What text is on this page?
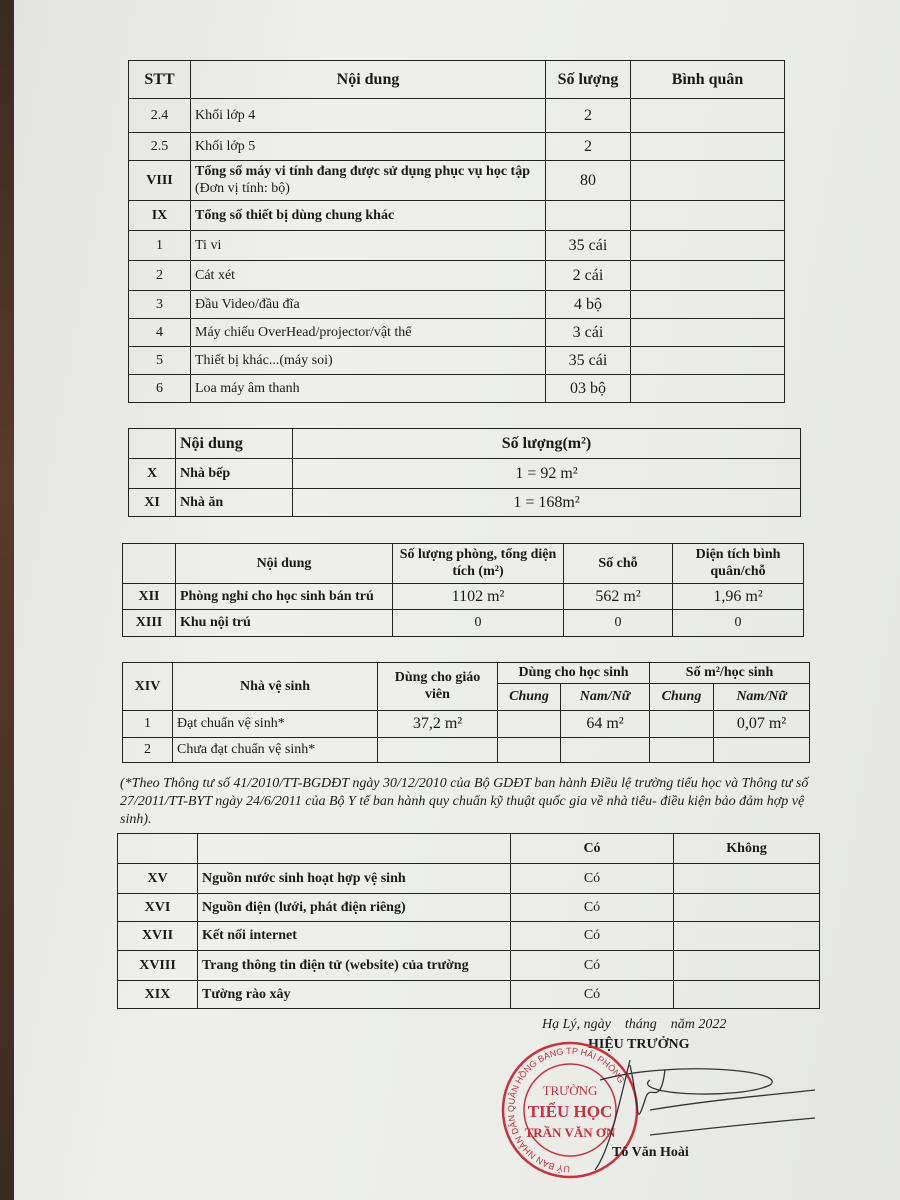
STT	Nội dung	Số lượng	Bình quân
2.4	Khối lớp 4	2	
2.5	Khối lớp 5	2	
VIII	Tổng số máy vi tính đang được sử dụng phục vụ học tập (Đơn vị tính: bộ)	80	
IX	Tổng số thiết bị dùng chung khác		
1	Ti vi	35 cái	
2	Cát xét	2 cái	
3	Đầu Video/đầu đĩa	4 bộ	
4	Máy chiếu OverHead/projector/vật thể	3 cái	
5	Thiết bị khác...(máy soi)	35 cái	
6	Loa máy âm thanh	03 bộ	
	Nội dung	Số lượng(m²)
X	Nhà bếp	1 = 92 m²
XI	Nhà ăn	1 = 168m²
	Nội dung	Số lượng phòng, tổng diện tích (m²)	Số chỗ	Diện tích bình quân/chỗ
XII	Phòng nghỉ cho học sinh bán trú	1102 m²	562 m²	1,96 m²
XIII	Khu nội trú	0	0	0
XIV	Nhà vệ sinh	Dùng cho giáo viên	Dùng cho học sinh		Số m²/học sinh	
			Chung	Nam/Nữ	Chung	Nam/Nữ
1	Đạt chuẩn vệ sinh*	37,2 m²		64 m²		0,07 m²
2	Chưa đạt chuẩn vệ sinh*					
(*Theo Thông tư số 41/2010/TT-BGDĐT ngày 30/12/2010 của Bộ GDĐT ban hành Điều lệ trường tiểu học và Thông tư số 27/2011/TT-BYT ngày 24/6/2011 của Bộ Y tế ban hành quy chuẩn kỹ thuật quốc gia về nhà tiêu- điều kiện bảo đảm hợp vệ sinh).
		Có	Không
XV	Nguồn nước sinh hoạt hợp vệ sinh	Có	
XVI	Nguồn điện (lưới, phát điện riêng)	Có	
XVII	Kết nối internet	Có	
XVIII	Trang thông tin điện tử (website) của trường	Có	
XIX	Tường rào xây	Có	
Hạ Lý, ngày    tháng    năm 2022
HIỆU TRƯỞNG
TRƯỜNG
TIỂU HỌC
TRẦN VĂN ƠN
UỶ BAN NHÂN DÂN QUẬN HỒNG BÀNG TP HẢI PHÒNG
Tô Văn Hoài
